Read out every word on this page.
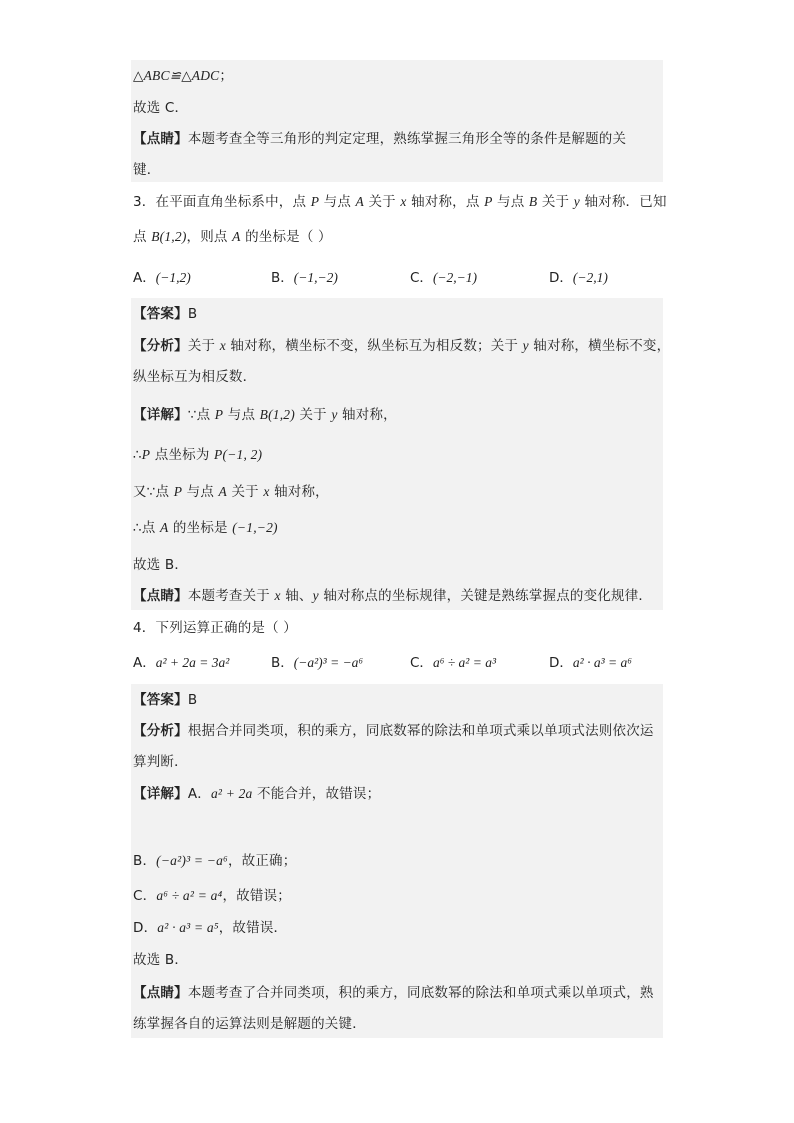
△ABC≌△ADC；
故选 C．
【点睛】本题考查全等三角形的判定定理，熟练掌握三角形全等的条件是解题的关
键．
3．在平面直角坐标系中，点 P 与点 A 关于 x 轴对称，点 P 与点 B 关于 y 轴对称．已知
点 B(1,2)，则点 A 的坐标是（ ）
A．(−1,2)	B．(−1,−2)	C．(−2,−1)	D．(−2,1)
【答案】B
【分析】关于 x 轴对称，横坐标不变，纵坐标互为相反数；关于 y 轴对称，横坐标不变，
纵坐标互为相反数．
【详解】∵点 P 与点 B(1,2) 关于 y 轴对称，
∴P 点坐标为 P(−1, 2)
又∵点 P 与点 A 关于 x 轴对称，
∴点 A 的坐标是 (−1,−2)
故选 B．
【点睛】本题考查关于 x 轴、y 轴对称点的坐标规律，关键是熟练掌握点的变化规律．
4．下列运算正确的是（ ）
A．a² + 2a = 3a²	B．(−a²)³ = −a⁶	C．a⁶ ÷ a² = a³	D．a² · a³ = a⁶
【答案】B
【分析】根据合并同类项，积的乘方，同底数幂的除法和单项式乘以单项式法则依次运
算判断．
【详解】A．a² + 2a 不能合并，故错误；
B．(−a²)³ = −a⁶，故正确；
C．a⁶ ÷ a² = a⁴，故错误；
D．a² · a³ = a⁵，故错误．
故选 B．
【点睛】本题考查了合并同类项，积的乘方，同底数幂的除法和单项式乘以单项式，熟
练掌握各自的运算法则是解题的关键．
